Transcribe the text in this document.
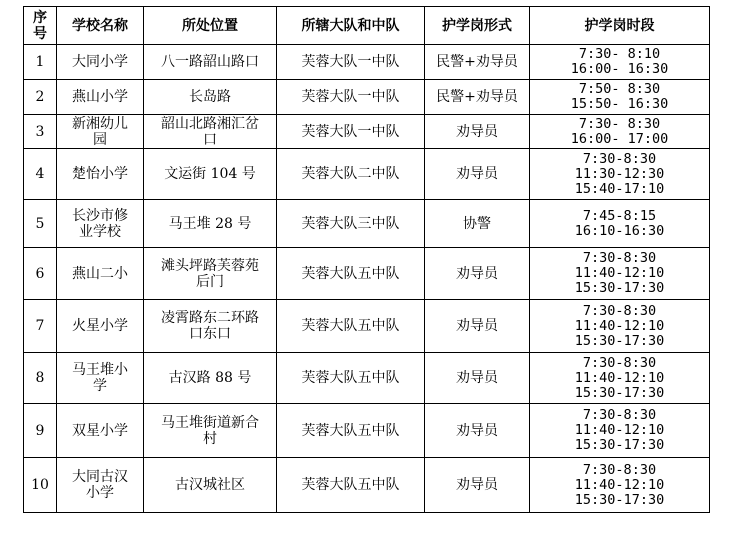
序号	学校名称	所处位置	所辖大队和中队	护学岗形式	护学岗时段

1	大同小学	八一路韶山路口	芙蓉大队一中队	民警+劝导员	7:30- 8:10
16:00- 16:30

2	燕山小学	长岛路	芙蓉大队一中队	民警+劝导员	7:50- 8:30
15:50- 16:30

3	新湘幼儿
园	韶山北路湘汇岔
口	芙蓉大队一中队	劝导员	7:30- 8:30
16:00- 17:00

4	楚怡小学	文运街 104 号	芙蓉大队二中队	劝导员	7:30-8:30
11:30-12:30
15:40-17:10

5	长沙市修
业学校	马王堆 28 号	芙蓉大队三中队	协警	7:45-8:15
16:10-16:30

6	燕山二小	滩头坪路芙蓉苑
后门	芙蓉大队五中队	劝导员	7:30-8:30
11:40-12:10
15:30-17:30

7	火星小学	凌霄路东二环路
口东口	芙蓉大队五中队	劝导员	7:30-8:30
11:40-12:10
15:30-17:30

8	马王堆小
学	古汉路 88 号	芙蓉大队五中队	劝导员	7:30-8:30
11:40-12:10
15:30-17:30

9	双星小学	马王堆街道新合
村	芙蓉大队五中队	劝导员	7:30-8:30
11:40-12:10
15:30-17:30

10	大同古汉
小学	古汉城社区	芙蓉大队五中队	劝导员	7:30-8:30
11:40-12:10
15:30-17:30
